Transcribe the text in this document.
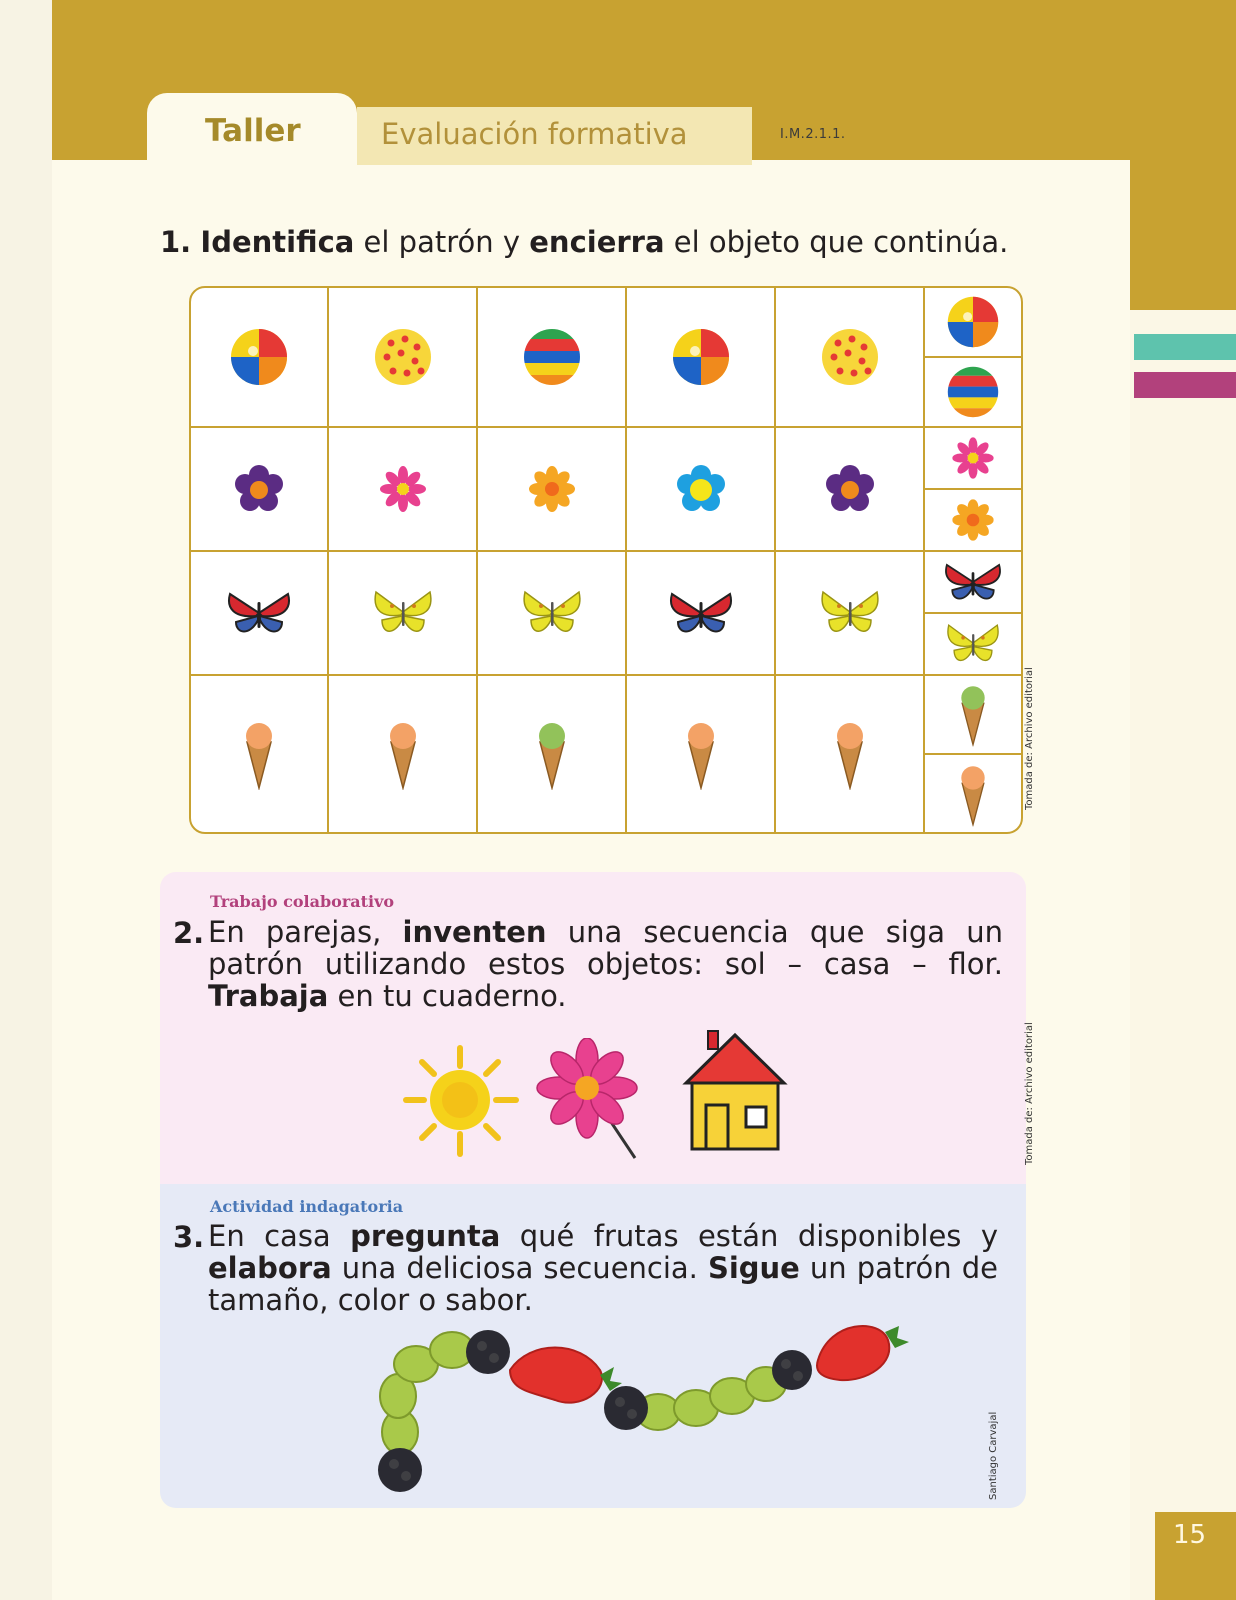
Taller	Evaluación formativa	I.M.2.1.1.
1. Identifica el patrón y encierra el objeto que continúa.
Tomada de: Archivo editorial
Trabajo colaborativo
2. En parejas, inventen una secuencia que siga un patrón utilizando estos objetos: sol – casa – flor. Trabaja en tu cuaderno.
Tomada de: Archivo editorial
Actividad indagatoria
3. En casa pregunta qué frutas están disponibles y elabora una deliciosa secuencia. Sigue un patrón de tamaño, color o sabor.
Santiago Carvajal
15
